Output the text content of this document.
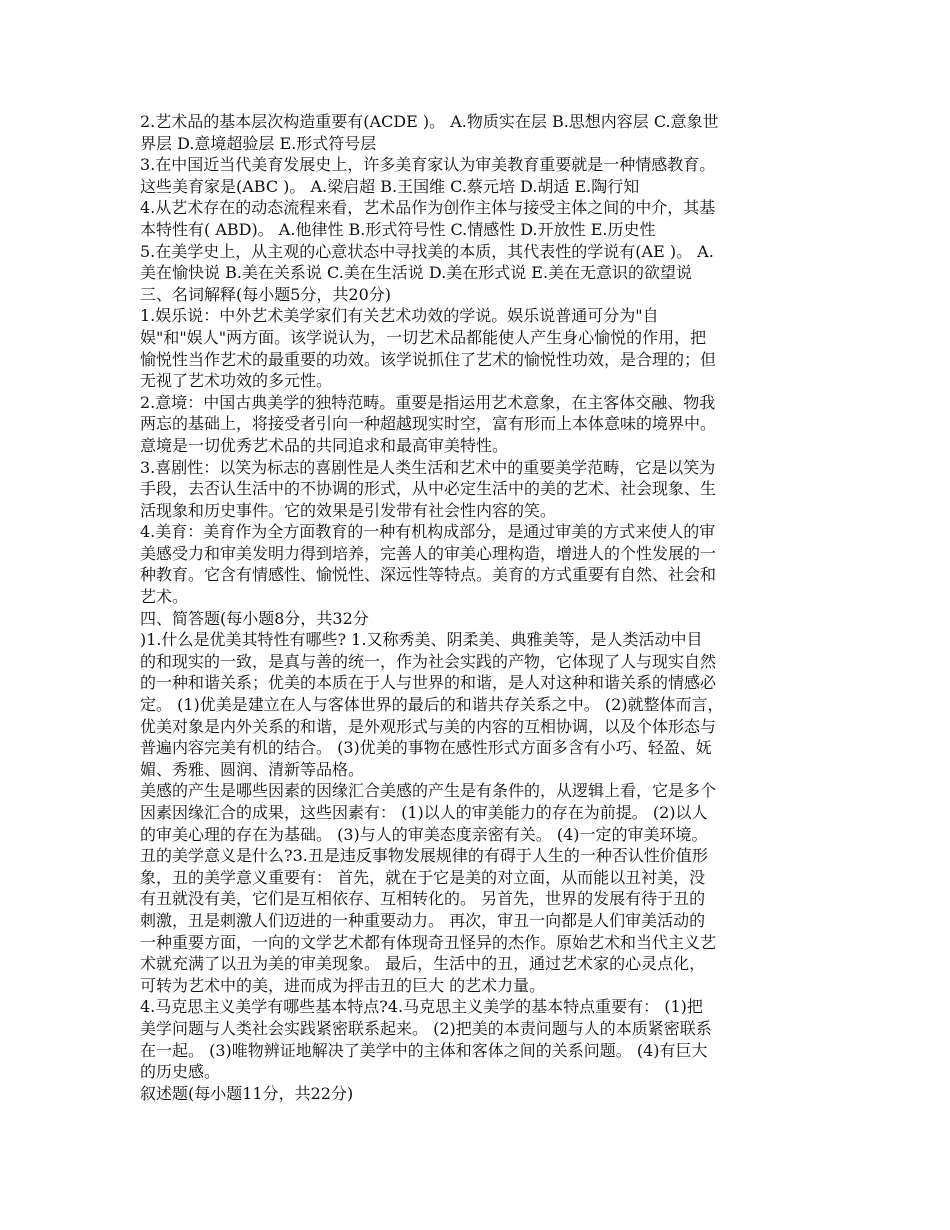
2.艺术品的基本层次构造重要有(ACDE )。 A.物质实在层 B.思想内容层 C.意象世
界层 D.意境超验层 E.形式符号层
3.在中国近当代美育发展史上，许多美育家认为审美教育重要就是一种情感教育。
这些美育家是(ABC )。 A.梁启超 B.王国维 C.蔡元培 D.胡适 E.陶行知
4.从艺术存在的动态流程来看，艺术品作为创作主体与接受主体之间的中介，其基
本特性有( ABD)。 A.他律性 B.形式符号性 C.情感性 D.开放性 E.历史性
5.在美学史上，从主观的心意状态中寻找美的本质，其代表性的学说有(AE )。 A.
美在愉快说 B.美在关系说 C.美在生活说 D.美在形式说 E.美在无意识的欲望说
三、名词解释(每小题5分，共20分)
1.娱乐说：中外艺术美学家们有关艺术功效的学说。娱乐说普通可分为"自
娱"和"娱人"两方面。该学说认为，一切艺术品都能使人产生身心愉悦的作用，把
愉悦性当作艺术的最重要的功效。该学说抓住了艺术的愉悦性功效，是合理的；但
无视了艺术功效的多元性。
2.意境：中国古典美学的独特范畴。重要是指运用艺术意象，在主客体交融、物我
两忘的基础上，将接受者引向一种超越现实时空，富有形而上本体意味的境界中。
意境是一切优秀艺术品的共同追求和最高审美特性。
3.喜剧性：以笑为标志的喜剧性是人类生活和艺术中的重要美学范畴，它是以笑为
手段，去否认生活中的不协调的形式，从中必定生活中的美的艺术、社会现象、生
活现象和历史事件。它的效果是引发带有社会性内容的笑。
4.美育：美育作为全方面教育的一种有机构成部分，是通过审美的方式来使人的审
美感受力和审美发明力得到培养，完善人的审美心理构造，增进人的个性发展的一
种教育。它含有情感性、愉悦性、深远性等特点。美育的方式重要有自然、社会和
艺术。
四、简答题(每小题8分，共32分
)1.什么是优美其特性有哪些? 1.又称秀美、阴柔美、典雅美等，是人类活动中目
的和现实的一致，是真与善的统一，作为社会实践的产物，它体现了人与现实自然
的一种和谐关系；优美的本质在于人与世界的和谐，是人对这种和谐关系的情感必
定。 (1)优美是建立在人与客体世界的最后的和谐共存关系之中。 (2)就整体而言，
优美对象是内外关系的和谐，是外观形式与美的内容的互相协调，以及个体形态与
普遍内容完美有机的结合。 (3)优美的事物在感性形式方面多含有小巧、轻盈、妩
媚、秀雅、圆润、清新等品格。
美感的产生是哪些因素的因缘汇合美感的产生是有条件的，从逻辑上看，它是多个
因素因缘汇合的成果，这些因素有： (1)以人的审美能力的存在为前提。 (2)以人
的审美心理的存在为基础。 (3)与人的审美态度亲密有关。 (4)一定的审美环境。
丑的美学意义是什么?3.丑是违反事物发展规律的有碍于人生的一种否认性价值形
象，丑的美学意义重要有： 首先，就在于它是美的对立面，从而能以丑衬美，没
有丑就没有美，它们是互相依存、互相转化的。 另首先，世界的发展有待于丑的
刺激，丑是刺激人们迈进的一种重要动力。 再次，审丑一向都是人们审美活动的
一种重要方面，一向的文学艺术都有体现奇丑怪异的杰作。原始艺术和当代主义艺
术就充满了以丑为美的审美现象。 最后，生活中的丑，通过艺术家的心灵点化，
可转为艺术中的美，进而成为抨击丑的巨大 的艺术力量。
4.马克思主义美学有哪些基本特点?4.马克思主义美学的基本特点重要有： (1)把
美学问题与人类社会实践紧密联系起来。 (2)把美的本责问题与人的本质紧密联系
在一起。 (3)唯物辨证地解决了美学中的主体和客体之间的关系问题。 (4)有巨大
的历史感。
叙述题(每小题11分，共22分)
